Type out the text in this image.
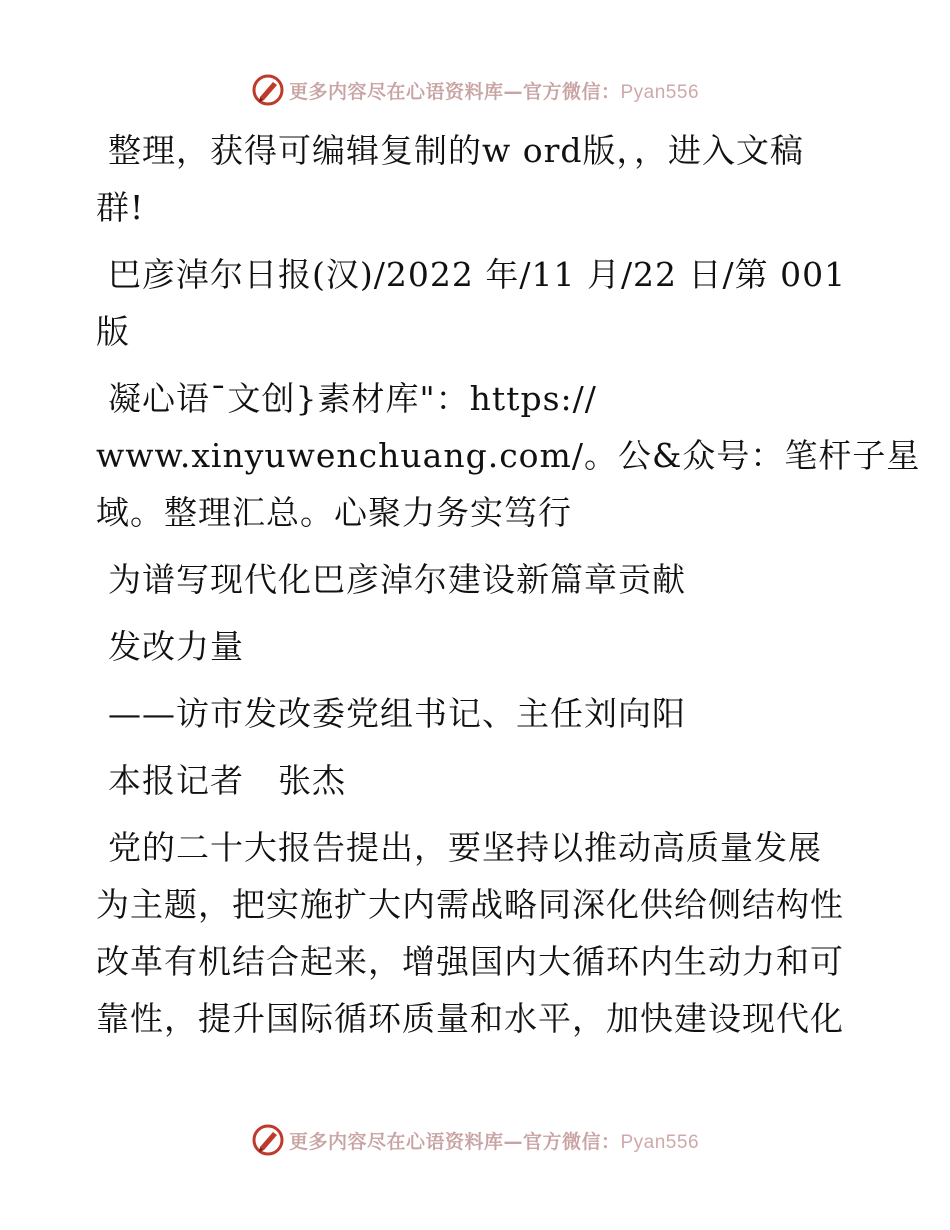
更多内容尽在心语资料库—官方微信：Pyan556
整理，获得可编辑复制的w ord版，，进入文稿
群!
巴彦淖尔日报(汉)/2022 年/11 月/22 日/第 001
版
凝心语¯文创}素材库"：https://
www.xinyuwenchuang.com/。公&众号：笔杆子星
域。整理汇总。心聚力务实笃行
为谱写现代化巴彦淖尔建设新篇章贡献
发改力量
——访市发改委党组书记、主任刘向阳
本报记者　张杰
党的二十大报告提出，要坚持以推动高质量发展
为主题，把实施扩大内需战略同深化供给侧结构性
改革有机结合起来，增强国内大循环内生动力和可
靠性，提升国际循环质量和水平，加快建设现代化
更多内容尽在心语资料库—官方微信：Pyan556
